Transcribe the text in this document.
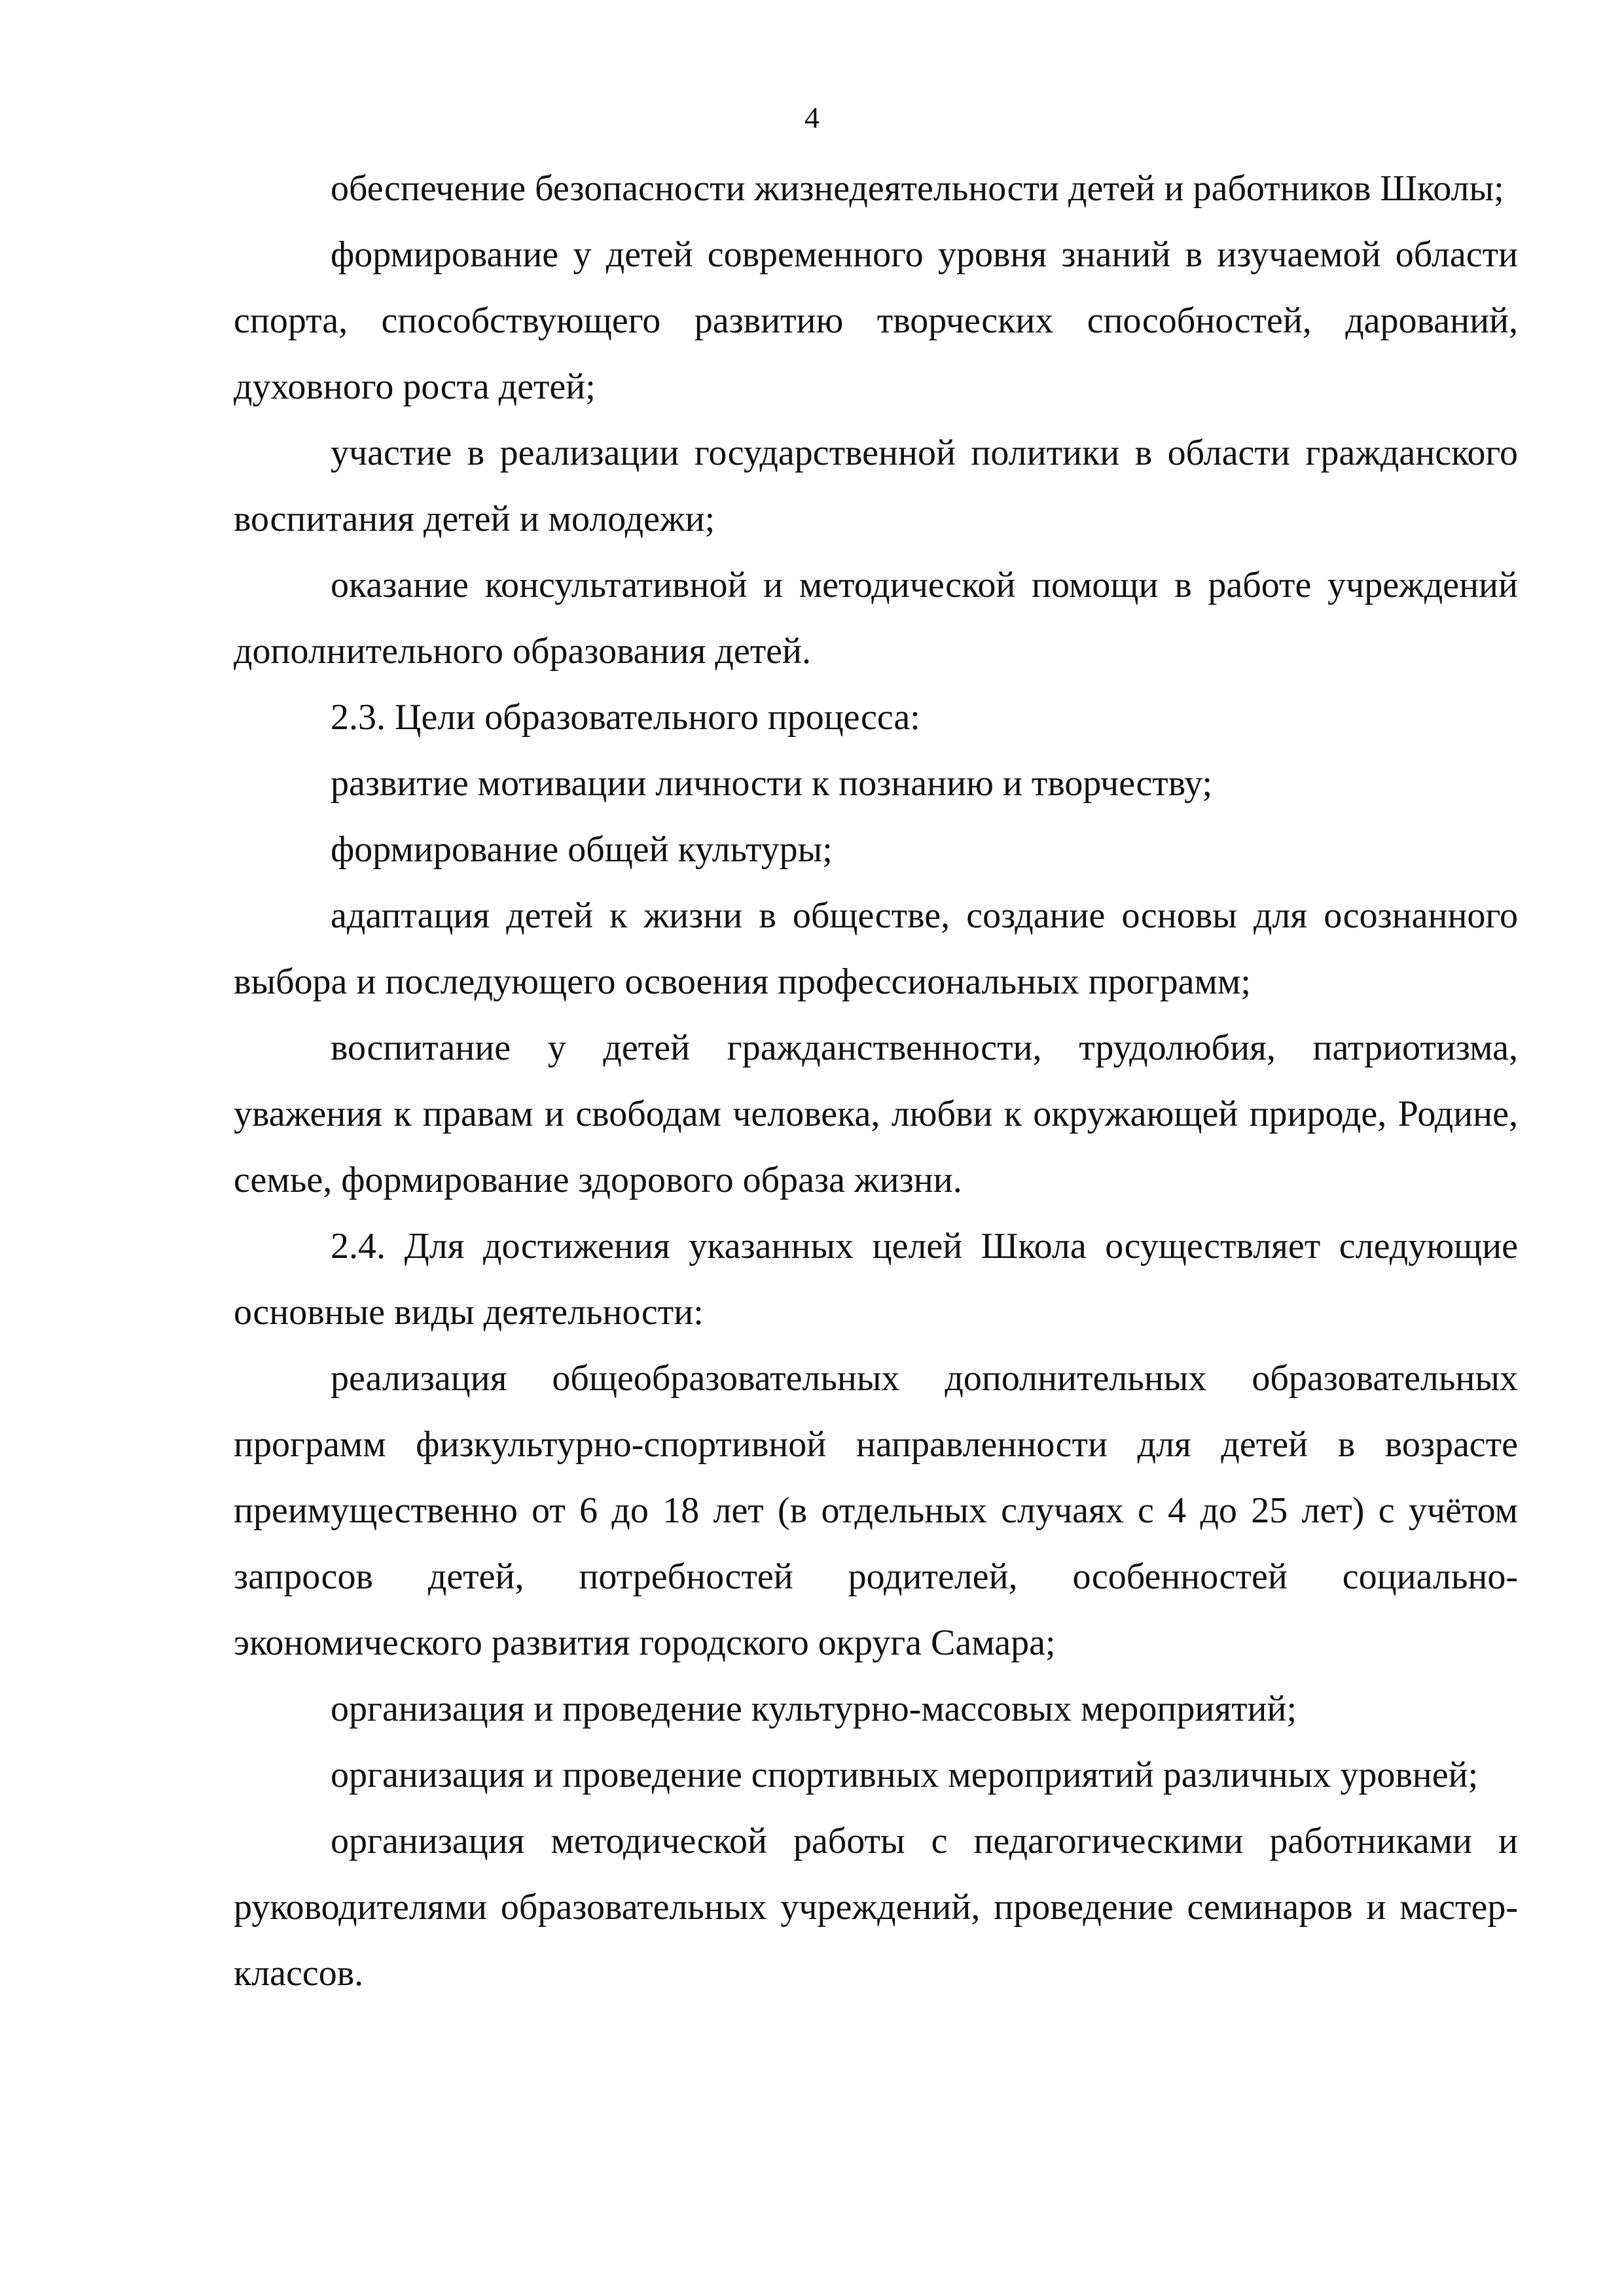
4

обеспечение безопасности жизнедеятельности детей и работников Школы;

формирование у детей современного уровня знаний в изучаемой области спорта, способствующего развитию творческих способностей, дарований, духовного роста детей;

участие в реализации государственной политики в области гражданского воспитания детей и молодежи;

оказание консультативной и методической помощи в работе учреждений дополнительного образования детей.

2.3. Цели образовательного процесса:

развитие мотивации личности к познанию и творчеству;

формирование общей культуры;

адаптация детей к жизни в обществе, создание основы для осознанного выбора и последующего освоения профессиональных программ;

воспитание у детей гражданственности, трудолюбия, патриотизма, уважения к правам и свободам человека, любви к окружающей природе, Родине, семье, формирование здорового образа жизни.

2.4. Для достижения указанных целей Школа осуществляет следующие основные виды деятельности:

реализация общеобразовательных дополнительных образовательных программ физкультурно-спортивной направленности для детей в возрасте преимущественно от 6 до 18 лет (в отдельных случаях с 4 до 25 лет) с учётом запросов детей, потребностей родителей, особенностей социально-экономического развития городского округа Самара;

организация и проведение культурно-массовых мероприятий;

организация и проведение спортивных мероприятий различных уровней;

организация методической работы с педагогическими работниками и руководителями образовательных учреждений, проведение семинаров и мастер-классов.
